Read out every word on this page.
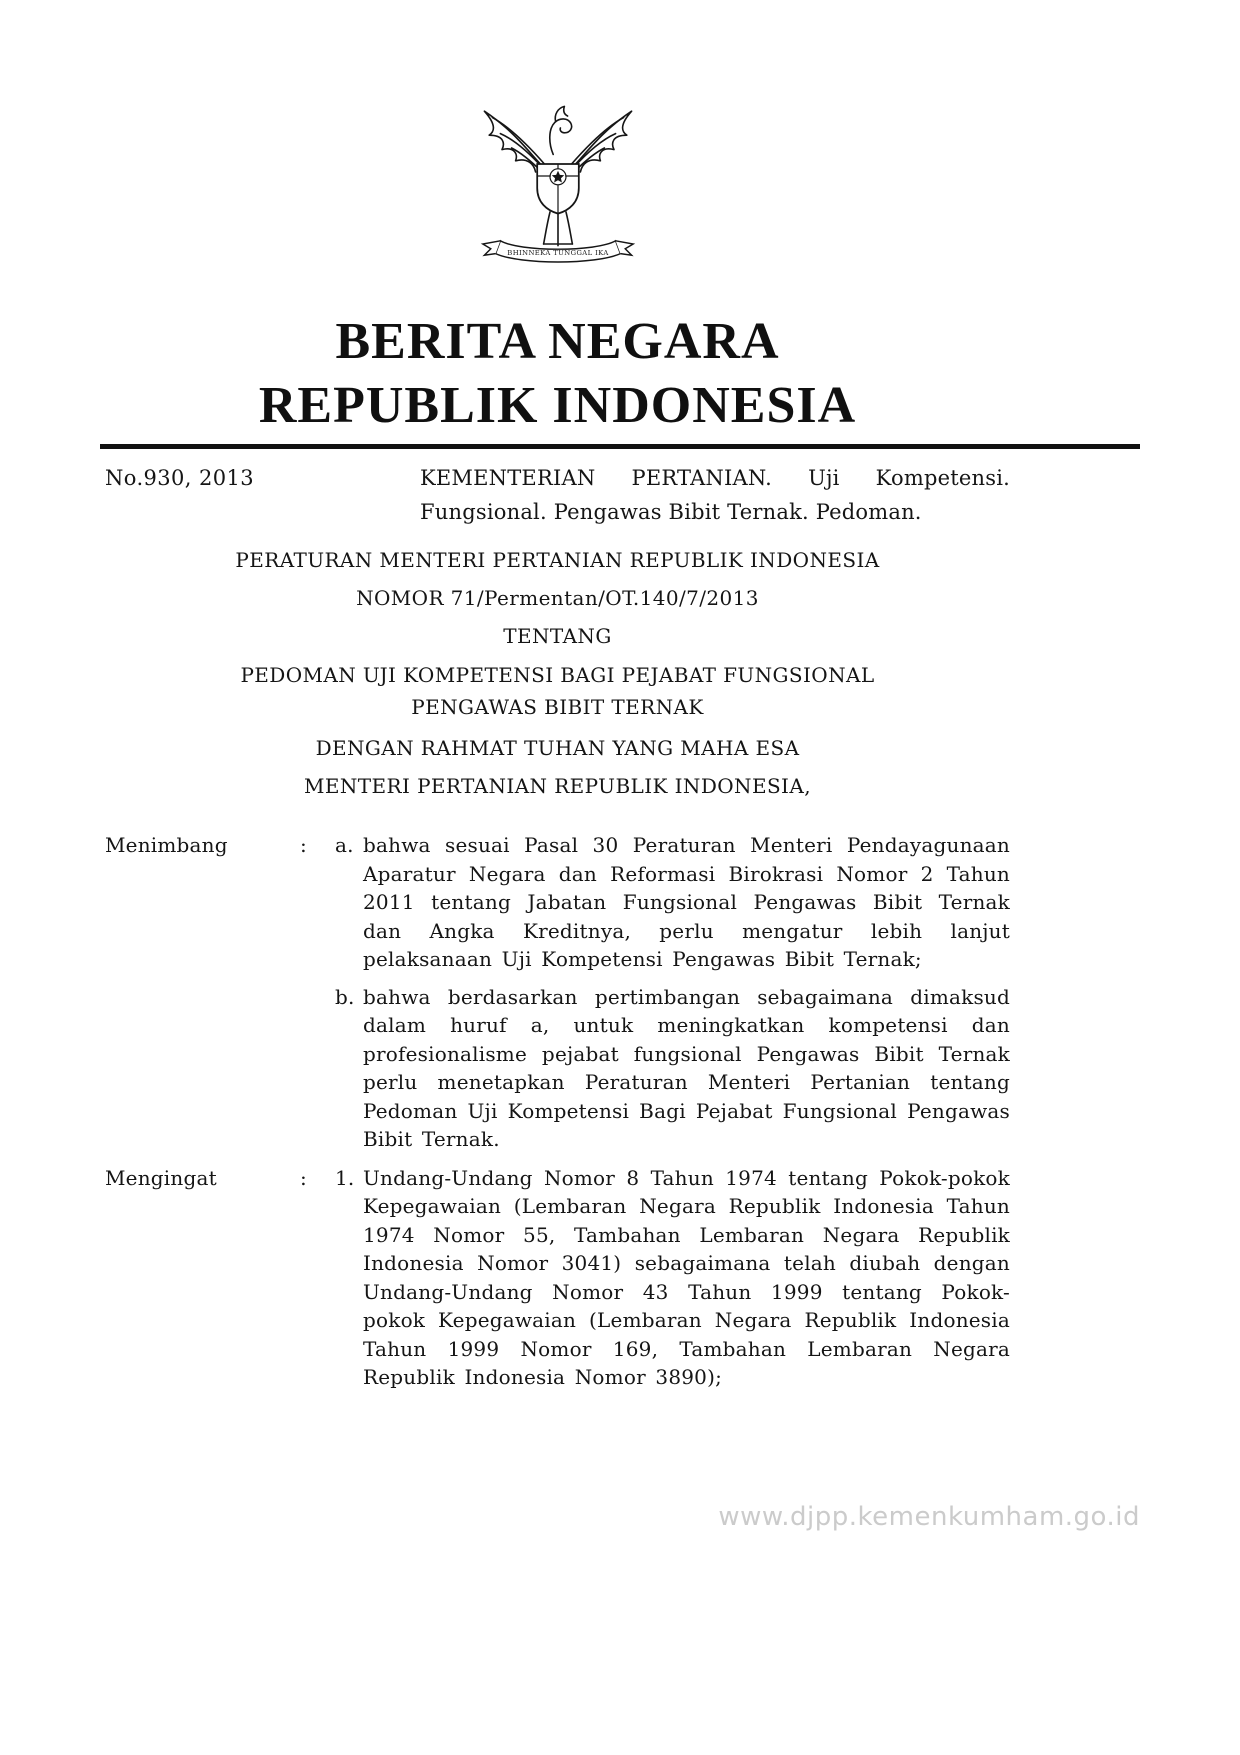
BHINNEKA TUNGGAL IKA
BERITA NEGARA
REPUBLIK INDONESIA
No.930, 2013	KEMENTERIAN PERTANIAN. Uji Kompetensi.
Fungsional. Pengawas Bibit Ternak. Pedoman.
PERATURAN MENTERI PERTANIAN REPUBLIK INDONESIA
NOMOR 71/Permentan/OT.140/7/2013
TENTANG
PEDOMAN UJI KOMPETENSI BAGI PEJABAT FUNGSIONAL
PENGAWAS BIBIT TERNAK
DENGAN RAHMAT TUHAN YANG MAHA ESA
MENTERI PERTANIAN REPUBLIK INDONESIA,
Menimbang	:	a. bahwa sesuai Pasal 30 Peraturan Menteri Pendayagunaan Aparatur Negara dan Reformasi Birokrasi Nomor 2 Tahun 2011 tentang Jabatan Fungsional Pengawas Bibit Ternak dan Angka Kreditnya, perlu mengatur lebih lanjut pelaksanaan Uji Kompetensi Pengawas Bibit Ternak;
b. bahwa berdasarkan pertimbangan sebagaimana dimaksud dalam huruf a, untuk meningkatkan kompetensi dan profesionalisme pejabat fungsional Pengawas Bibit Ternak perlu menetapkan Peraturan Menteri Pertanian tentang Pedoman Uji Kompetensi Bagi Pejabat Fungsional Pengawas Bibit Ternak.
Mengingat	:	1. Undang-Undang Nomor 8 Tahun 1974 tentang Pokok-pokok Kepegawaian (Lembaran Negara Republik Indonesia Tahun 1974 Nomor 55, Tambahan Lembaran Negara Republik Indonesia Nomor 3041) sebagaimana telah diubah dengan Undang-Undang Nomor 43 Tahun 1999 tentang Pokok-pokok Kepegawaian (Lembaran Negara Republik Indonesia Tahun 1999 Nomor 169, Tambahan Lembaran Negara Republik Indonesia Nomor 3890);
www.djpp.kemenkumham.go.id
